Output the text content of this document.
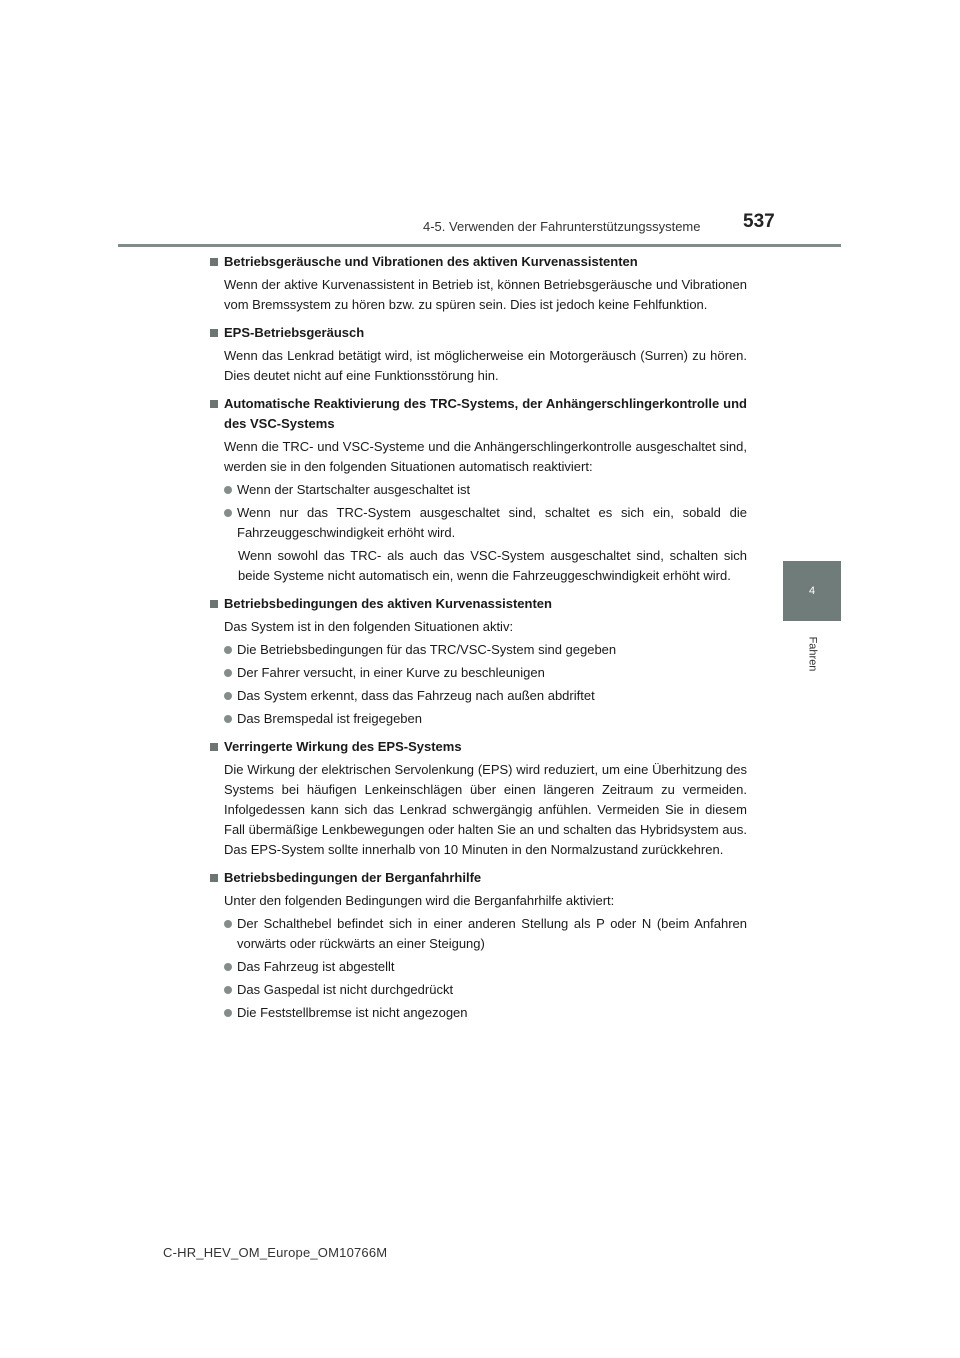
4-5. Verwenden der Fahrunterstützungssysteme 537
4
Fahren
Betriebsgeräusche und Vibrationen des aktiven Kurvenassistenten
Wenn der aktive Kurvenassistent in Betrieb ist, können Betriebsgeräusche und Vibrationen vom Bremssystem zu hören bzw. zu spüren sein. Dies ist jedoch keine Fehlfunktion.
EPS-Betriebsgeräusch
Wenn das Lenkrad betätigt wird, ist möglicherweise ein Motorgeräusch (Surren) zu hören. Dies deutet nicht auf eine Funktionsstörung hin.
Automatische Reaktivierung des TRC-Systems, der Anhängerschlingerkontrolle und des VSC-Systems
Wenn die TRC- und VSC-Systeme und die Anhängerschlingerkontrolle ausgeschaltet sind, werden sie in den folgenden Situationen automatisch reaktiviert:
Wenn der Startschalter ausgeschaltet ist
Wenn nur das TRC-System ausgeschaltet sind, schaltet es sich ein, sobald die Fahrzeuggeschwindigkeit erhöht wird.
Wenn sowohl das TRC- als auch das VSC-System ausgeschaltet sind, schalten sich beide Systeme nicht automatisch ein, wenn die Fahrzeuggeschwindigkeit erhöht wird.
Betriebsbedingungen des aktiven Kurvenassistenten
Das System ist in den folgenden Situationen aktiv:
Die Betriebsbedingungen für das TRC/VSC-System sind gegeben
Der Fahrer versucht, in einer Kurve zu beschleunigen
Das System erkennt, dass das Fahrzeug nach außen abdriftet
Das Bremspedal ist freigegeben
Verringerte Wirkung des EPS-Systems
Die Wirkung der elektrischen Servolenkung (EPS) wird reduziert, um eine Überhitzung des Systems bei häufigen Lenkeinschlägen über einen längeren Zeitraum zu vermeiden. Infolgedessen kann sich das Lenkrad schwergängig anfühlen. Vermeiden Sie in diesem Fall übermäßige Lenkbewegungen oder halten Sie an und schalten das Hybridsystem aus. Das EPS-System sollte innerhalb von 10 Minuten in den Normalzustand zurückkehren.
Betriebsbedingungen der Berganfahrhilfe
Unter den folgenden Bedingungen wird die Berganfahrhilfe aktiviert:
Der Schalthebel befindet sich in einer anderen Stellung als P oder N (beim Anfahren vorwärts oder rückwärts an einer Steigung)
Das Fahrzeug ist abgestellt
Das Gaspedal ist nicht durchgedrückt
Die Feststellbremse ist nicht angezogen
C-HR_HEV_OM_Europe_OM10766M
